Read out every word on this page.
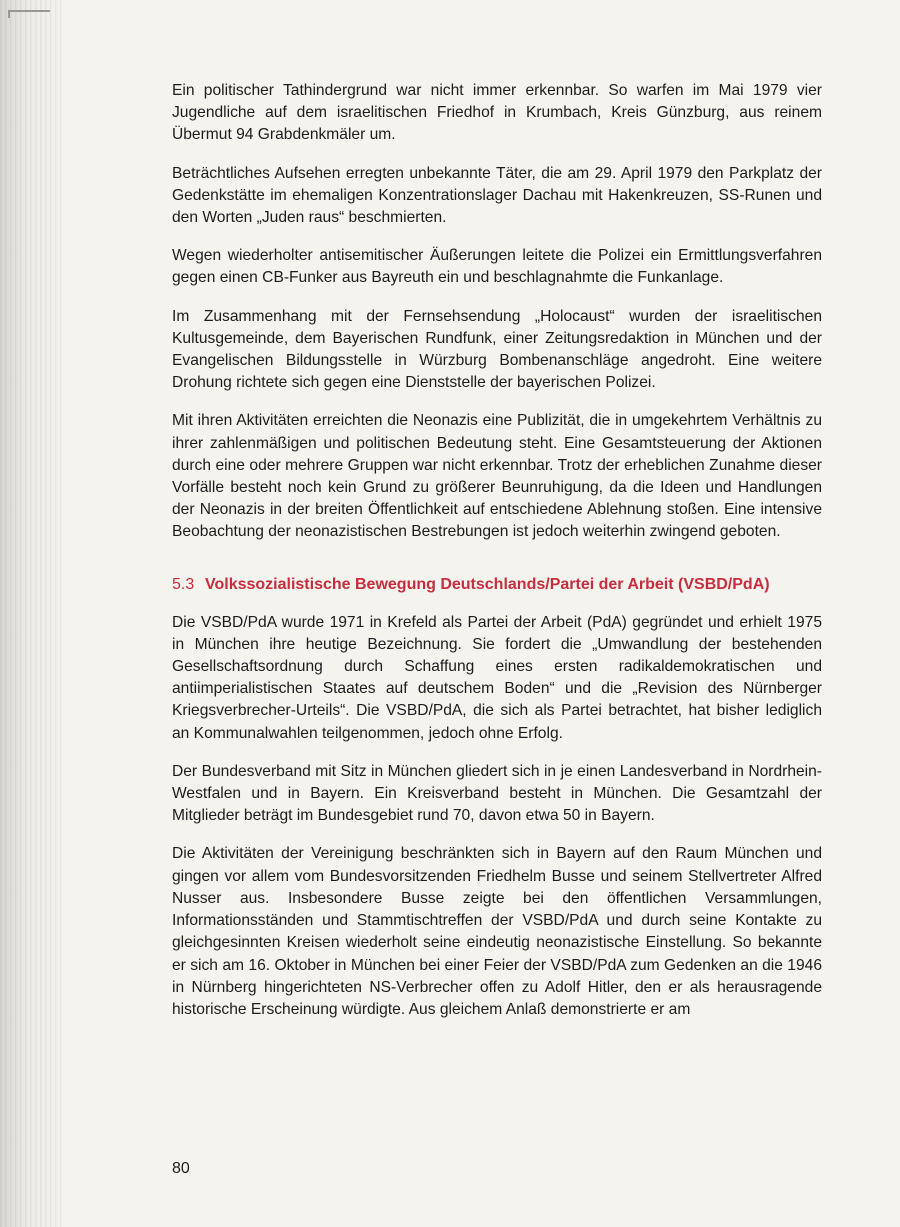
Ein politischer Tathindergrund war nicht immer erkennbar. So warfen im Mai 1979 vier Jugendliche auf dem israelitischen Friedhof in Krumbach, Kreis Günzburg, aus reinem Übermut 94 Grabdenkmäler um.

Beträchtliches Aufsehen erregten unbekannte Täter, die am 29. April 1979 den Parkplatz der Gedenkstätte im ehemaligen Konzentrationslager Dachau mit Hakenkreuzen, SS-Runen und den Worten „Juden raus“ beschmierten.

Wegen wiederholter antisemitischer Äußerungen leitete die Polizei ein Ermittlungsverfahren gegen einen CB-Funker aus Bayreuth ein und beschlagnahmte die Funkanlage.

Im Zusammenhang mit der Fernsehsendung „Holocaust“ wurden der israelitischen Kultusgemeinde, dem Bayerischen Rundfunk, einer Zeitungsredaktion in München und der Evangelischen Bildungsstelle in Würzburg Bombenanschläge angedroht. Eine weitere Drohung richtete sich gegen eine Dienststelle der bayerischen Polizei.

Mit ihren Aktivitäten erreichten die Neonazis eine Publizität, die in umgekehrtem Verhältnis zu ihrer zahlenmäßigen und politischen Bedeutung steht. Eine Gesamtsteuerung der Aktionen durch eine oder mehrere Gruppen war nicht erkennbar. Trotz der erheblichen Zunahme dieser Vorfälle besteht noch kein Grund zu größerer Beunruhigung, da die Ideen und Handlungen der Neonazis in der breiten Öffentlichkeit auf entschiedene Ablehnung stoßen. Eine intensive Beobachtung der neonazistischen Bestrebungen ist jedoch weiterhin zwingend geboten.

5.3 Volkssozialistische Bewegung Deutschlands/Partei der Arbeit (VSBD/PdA)

Die VSBD/PdA wurde 1971 in Krefeld als Partei der Arbeit (PdA) gegründet und erhielt 1975 in München ihre heutige Bezeichnung. Sie fordert die „Umwandlung der bestehenden Gesellschaftsordnung durch Schaffung eines ersten radikaldemokratischen und antiimperialistischen Staates auf deutschem Boden“ und die „Revision des Nürnberger Kriegsverbrecher-Urteils“. Die VSBD/PdA, die sich als Partei betrachtet, hat bisher lediglich an Kommunalwahlen teilgenommen, jedoch ohne Erfolg.

Der Bundesverband mit Sitz in München gliedert sich in je einen Landesverband in Nordrhein-Westfalen und in Bayern. Ein Kreisverband besteht in München. Die Gesamtzahl der Mitglieder beträgt im Bundesgebiet rund 70, davon etwa 50 in Bayern.

Die Aktivitäten der Vereinigung beschränkten sich in Bayern auf den Raum München und gingen vor allem vom Bundesvorsitzenden Friedhelm Busse und seinem Stellvertreter Alfred Nusser aus. Insbesondere Busse zeigte bei den öffentlichen Versammlungen, Informationsständen und Stammtischtreffen der VSBD/PdA und durch seine Kontakte zu gleichgesinnten Kreisen wiederholt seine eindeutig neonazistische Einstellung. So bekannte er sich am 16. Oktober in München bei einer Feier der VSBD/PdA zum Gedenken an die 1946 in Nürnberg hingerichteten NS-Verbrecher offen zu Adolf Hitler, den er als herausragende historische Erscheinung würdigte. Aus gleichem Anlaß demonstrierte er am

80
